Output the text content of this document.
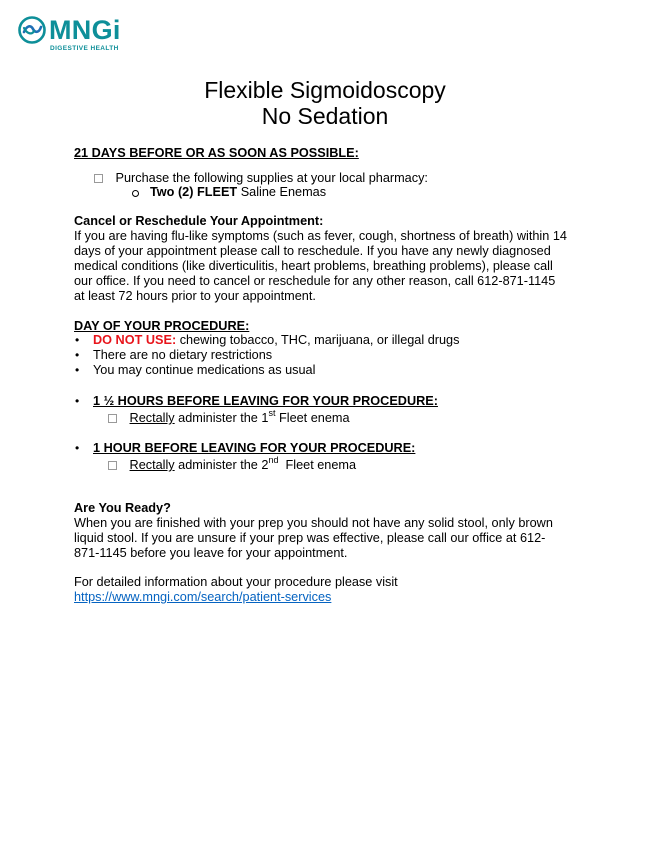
MNGi
DIGESTIVE HEALTH
Flexible Sigmoidoscopy
No Sedation
21 DAYS BEFORE OR AS SOON AS POSSIBLE:
Purchase the following supplies at your local pharmacy:
Two (2) FLEET Saline Enemas
Cancel or Reschedule Your Appointment:
If you are having flu-like symptoms (such as fever, cough, shortness of breath) within 14
days of your appointment please call to reschedule. If you have any newly diagnosed
medical conditions (like diverticulitis, heart problems, breathing problems), please call
our office. If you need to cancel or reschedule for any other reason, call 612-871-1145
at least 72 hours prior to your appointment.
DAY OF YOUR PROCEDURE:
• DO NOT USE: chewing tobacco, THC, marijuana, or illegal drugs
• There are no dietary restrictions
• You may continue medications as usual
• 1 ½ HOURS BEFORE LEAVING FOR YOUR PROCEDURE:
Rectally administer the 1st Fleet enema
• 1 HOUR BEFORE LEAVING FOR YOUR PROCEDURE:
Rectally administer the 2nd  Fleet enema
Are You Ready?
When you are finished with your prep you should not have any solid stool, only brown
liquid stool. If you are unsure if your prep was effective, please call our office at 612-
871-1145 before you leave for your appointment.
For detailed information about your procedure please visit
https://www.mngi.com/search/patient-services
